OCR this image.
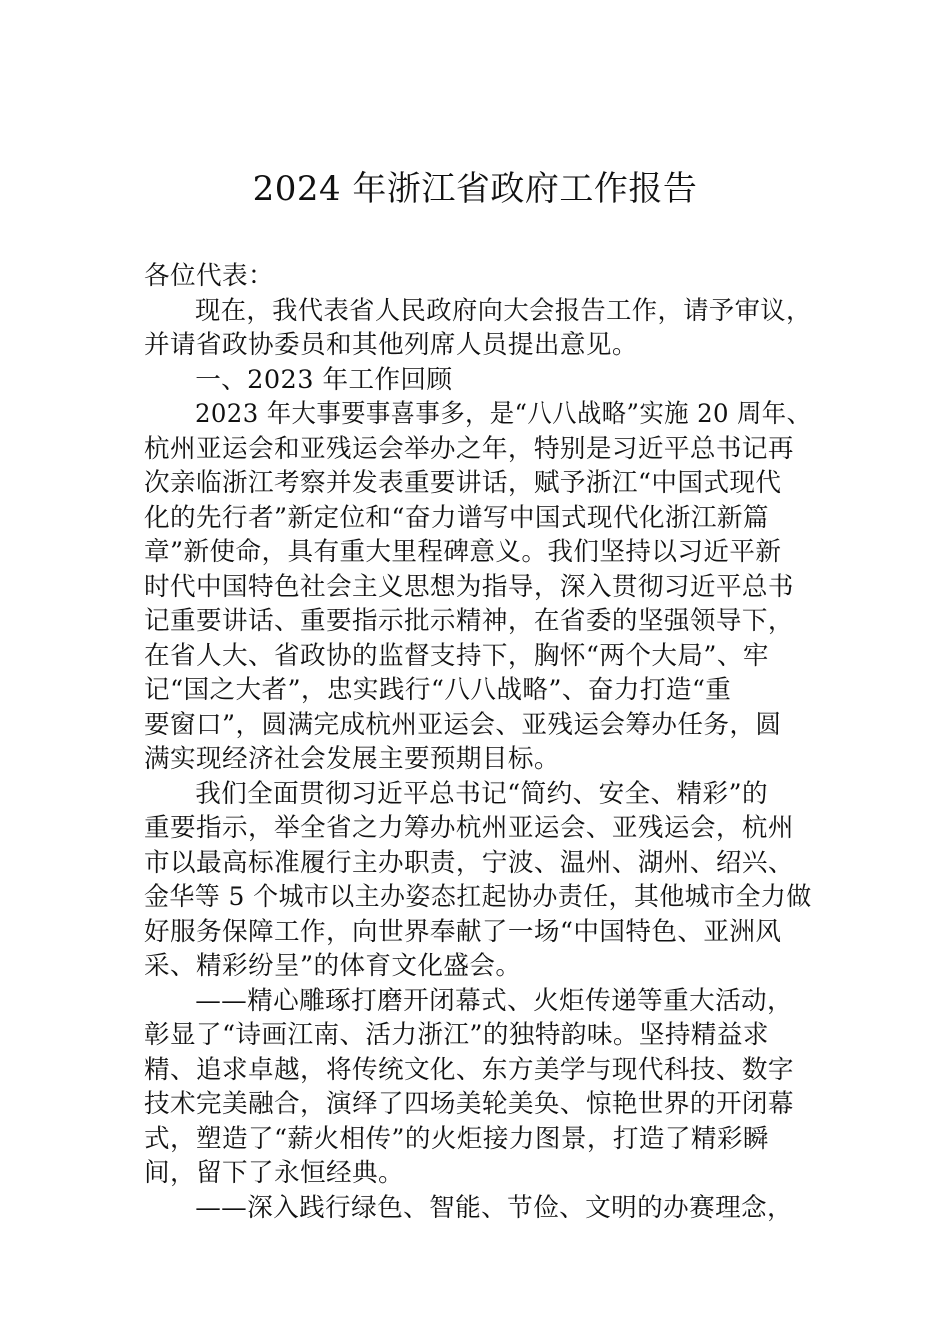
2024 年浙江省政府工作报告
各位代表：
现在，我代表省人民政府向大会报告工作，请予审议，
并请省政协委员和其他列席人员提出意见。
一、2023 年工作回顾
2023 年大事要事喜事多，是“八八战略”实施 20 周年、
杭州亚运会和亚残运会举办之年，特别是习近平总书记再
次亲临浙江考察并发表重要讲话，赋予浙江“中国式现代
化的先行者”新定位和“奋力谱写中国式现代化浙江新篇
章”新使命，具有重大里程碑意义。我们坚持以习近平新
时代中国特色社会主义思想为指导，深入贯彻习近平总书
记重要讲话、重要指示批示精神，在省委的坚强领导下，
在省人大、省政协的监督支持下，胸怀“两个大局”、牢
记“国之大者”，忠实践行“八八战略”、奋力打造“重
要窗口”，圆满完成杭州亚运会、亚残运会筹办任务，圆
满实现经济社会发展主要预期目标。
我们全面贯彻习近平总书记“简约、安全、精彩”的
重要指示，举全省之力筹办杭州亚运会、亚残运会，杭州
市以最高标准履行主办职责，宁波、温州、湖州、绍兴、
金华等 5 个城市以主办姿态扛起协办责任，其他城市全力做
好服务保障工作，向世界奉献了一场“中国特色、亚洲风
采、精彩纷呈”的体育文化盛会。
——精心雕琢打磨开闭幕式、火炬传递等重大活动，
彰显了“诗画江南、活力浙江”的独特韵味。坚持精益求
精、追求卓越，将传统文化、东方美学与现代科技、数字
技术完美融合，演绎了四场美轮美奂、惊艳世界的开闭幕
式，塑造了“薪火相传”的火炬接力图景，打造了精彩瞬
间，留下了永恒经典。
——深入践行绿色、智能、节俭、文明的办赛理念，
